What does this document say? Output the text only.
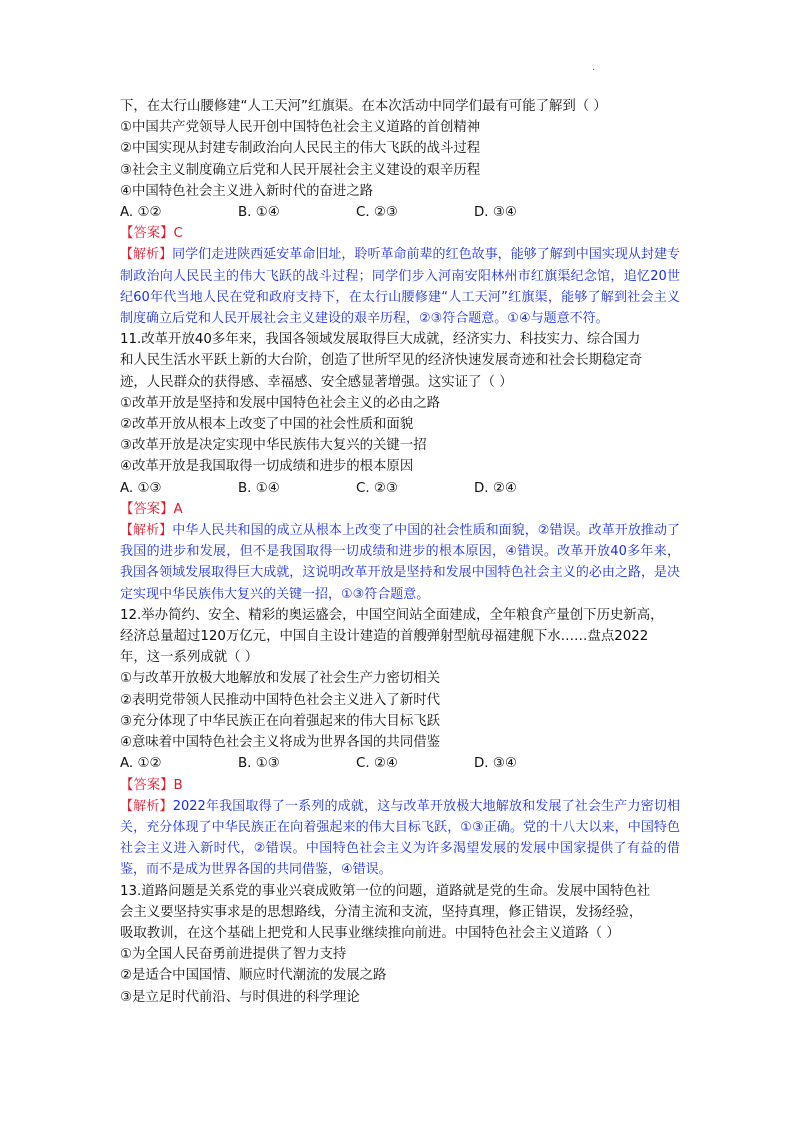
.
下，在太行山腰修建“人工天河”红旗渠。在本次活动中同学们最有可能了解到（ ）
①中国共产党领导人民开创中国特色社会主义道路的首创精神
②中国实现从封建专制政治向人民民主的伟大飞跃的战斗过程
③社会主义制度确立后党和人民开展社会主义建设的艰辛历程
④中国特色社会主义进入新时代的奋进之路
A. ①②	B. ①④	C. ②③	D. ③④
【答案】C
【解析】同学们走进陕西延安革命旧址，聆听革命前辈的红色故事，能够了解到中国实现从封建专制政治向人民民主的伟大飞跃的战斗过程；同学们步入河南安阳林州市红旗渠纪念馆，追忆20世纪60年代当地人民在党和政府支持下，在太行山腰修建“人工天河”红旗渠，能够了解到社会主义制度确立后党和人民开展社会主义建设的艰辛历程，②③符合题意。①④与题意不符。
11.改革开放40多年来，我国各领域发展取得巨大成就，经济实力、科技实力、综合国力
和人民生活水平跃上新的大台阶，创造了世所罕见的经济快速发展奇迹和社会长期稳定奇
迹，人民群众的获得感、幸福感、安全感显著增强。这实证了（ ）
①改革开放是坚持和发展中国特色社会主义的必由之路
②改革开放从根本上改变了中国的社会性质和面貌
③改革开放是决定实现中华民族伟大复兴的关键一招
④改革开放是我国取得一切成绩和进步的根本原因
A. ①③	B. ①④	C. ②③	D. ②④
【答案】A
【解析】中华人民共和国的成立从根本上改变了中国的社会性质和面貌，②错误。改革开放推动了我国的进步和发展，但不是我国取得一切成绩和进步的根本原因，④错误。改革开放40多年来，我国各领域发展取得巨大成就，这说明改革开放是坚持和发展中国特色社会主义的必由之路，是决定实现中华民族伟大复兴的关键一招，①③符合题意。
12.举办简约、安全、精彩的奥运盛会，中国空间站全面建成，全年粮食产量创下历史新高，
经济总量超过120万亿元，中国自主设计建造的首艘弹射型航母福建舰下水……盘点2022
年，这一系列成就（ ）
①与改革开放极大地解放和发展了社会生产力密切相关
②表明党带领人民推动中国特色社会主义进入了新时代
③充分体现了中华民族正在向着强起来的伟大目标飞跃
④意味着中国特色社会主义将成为世界各国的共同借鉴
A. ①②	B. ①③	C. ②④	D. ③④
【答案】B
【解析】2022年我国取得了一系列的成就，这与改革开放极大地解放和发展了社会生产力密切相关，充分体现了中华民族正在向着强起来的伟大目标飞跃，①③正确。党的十八大以来，中国特色社会主义进入新时代，②错误。中国特色社会主义为许多渴望发展的发展中国家提供了有益的借鉴，而不是成为世界各国的共同借鉴，④错误。
13.道路问题是关系党的事业兴衰成败第一位的问题，道路就是党的生命。发展中国特色社
会主义要坚持实事求是的思想路线，分清主流和支流，坚持真理，修正错误，发扬经验，
吸取教训，在这个基础上把党和人民事业继续推向前进。中国特色社会主义道路（ ）
①为全国人民奋勇前进提供了智力支持
②是适合中国国情、顺应时代潮流的发展之路
③是立足时代前沿、与时俱进的科学理论
